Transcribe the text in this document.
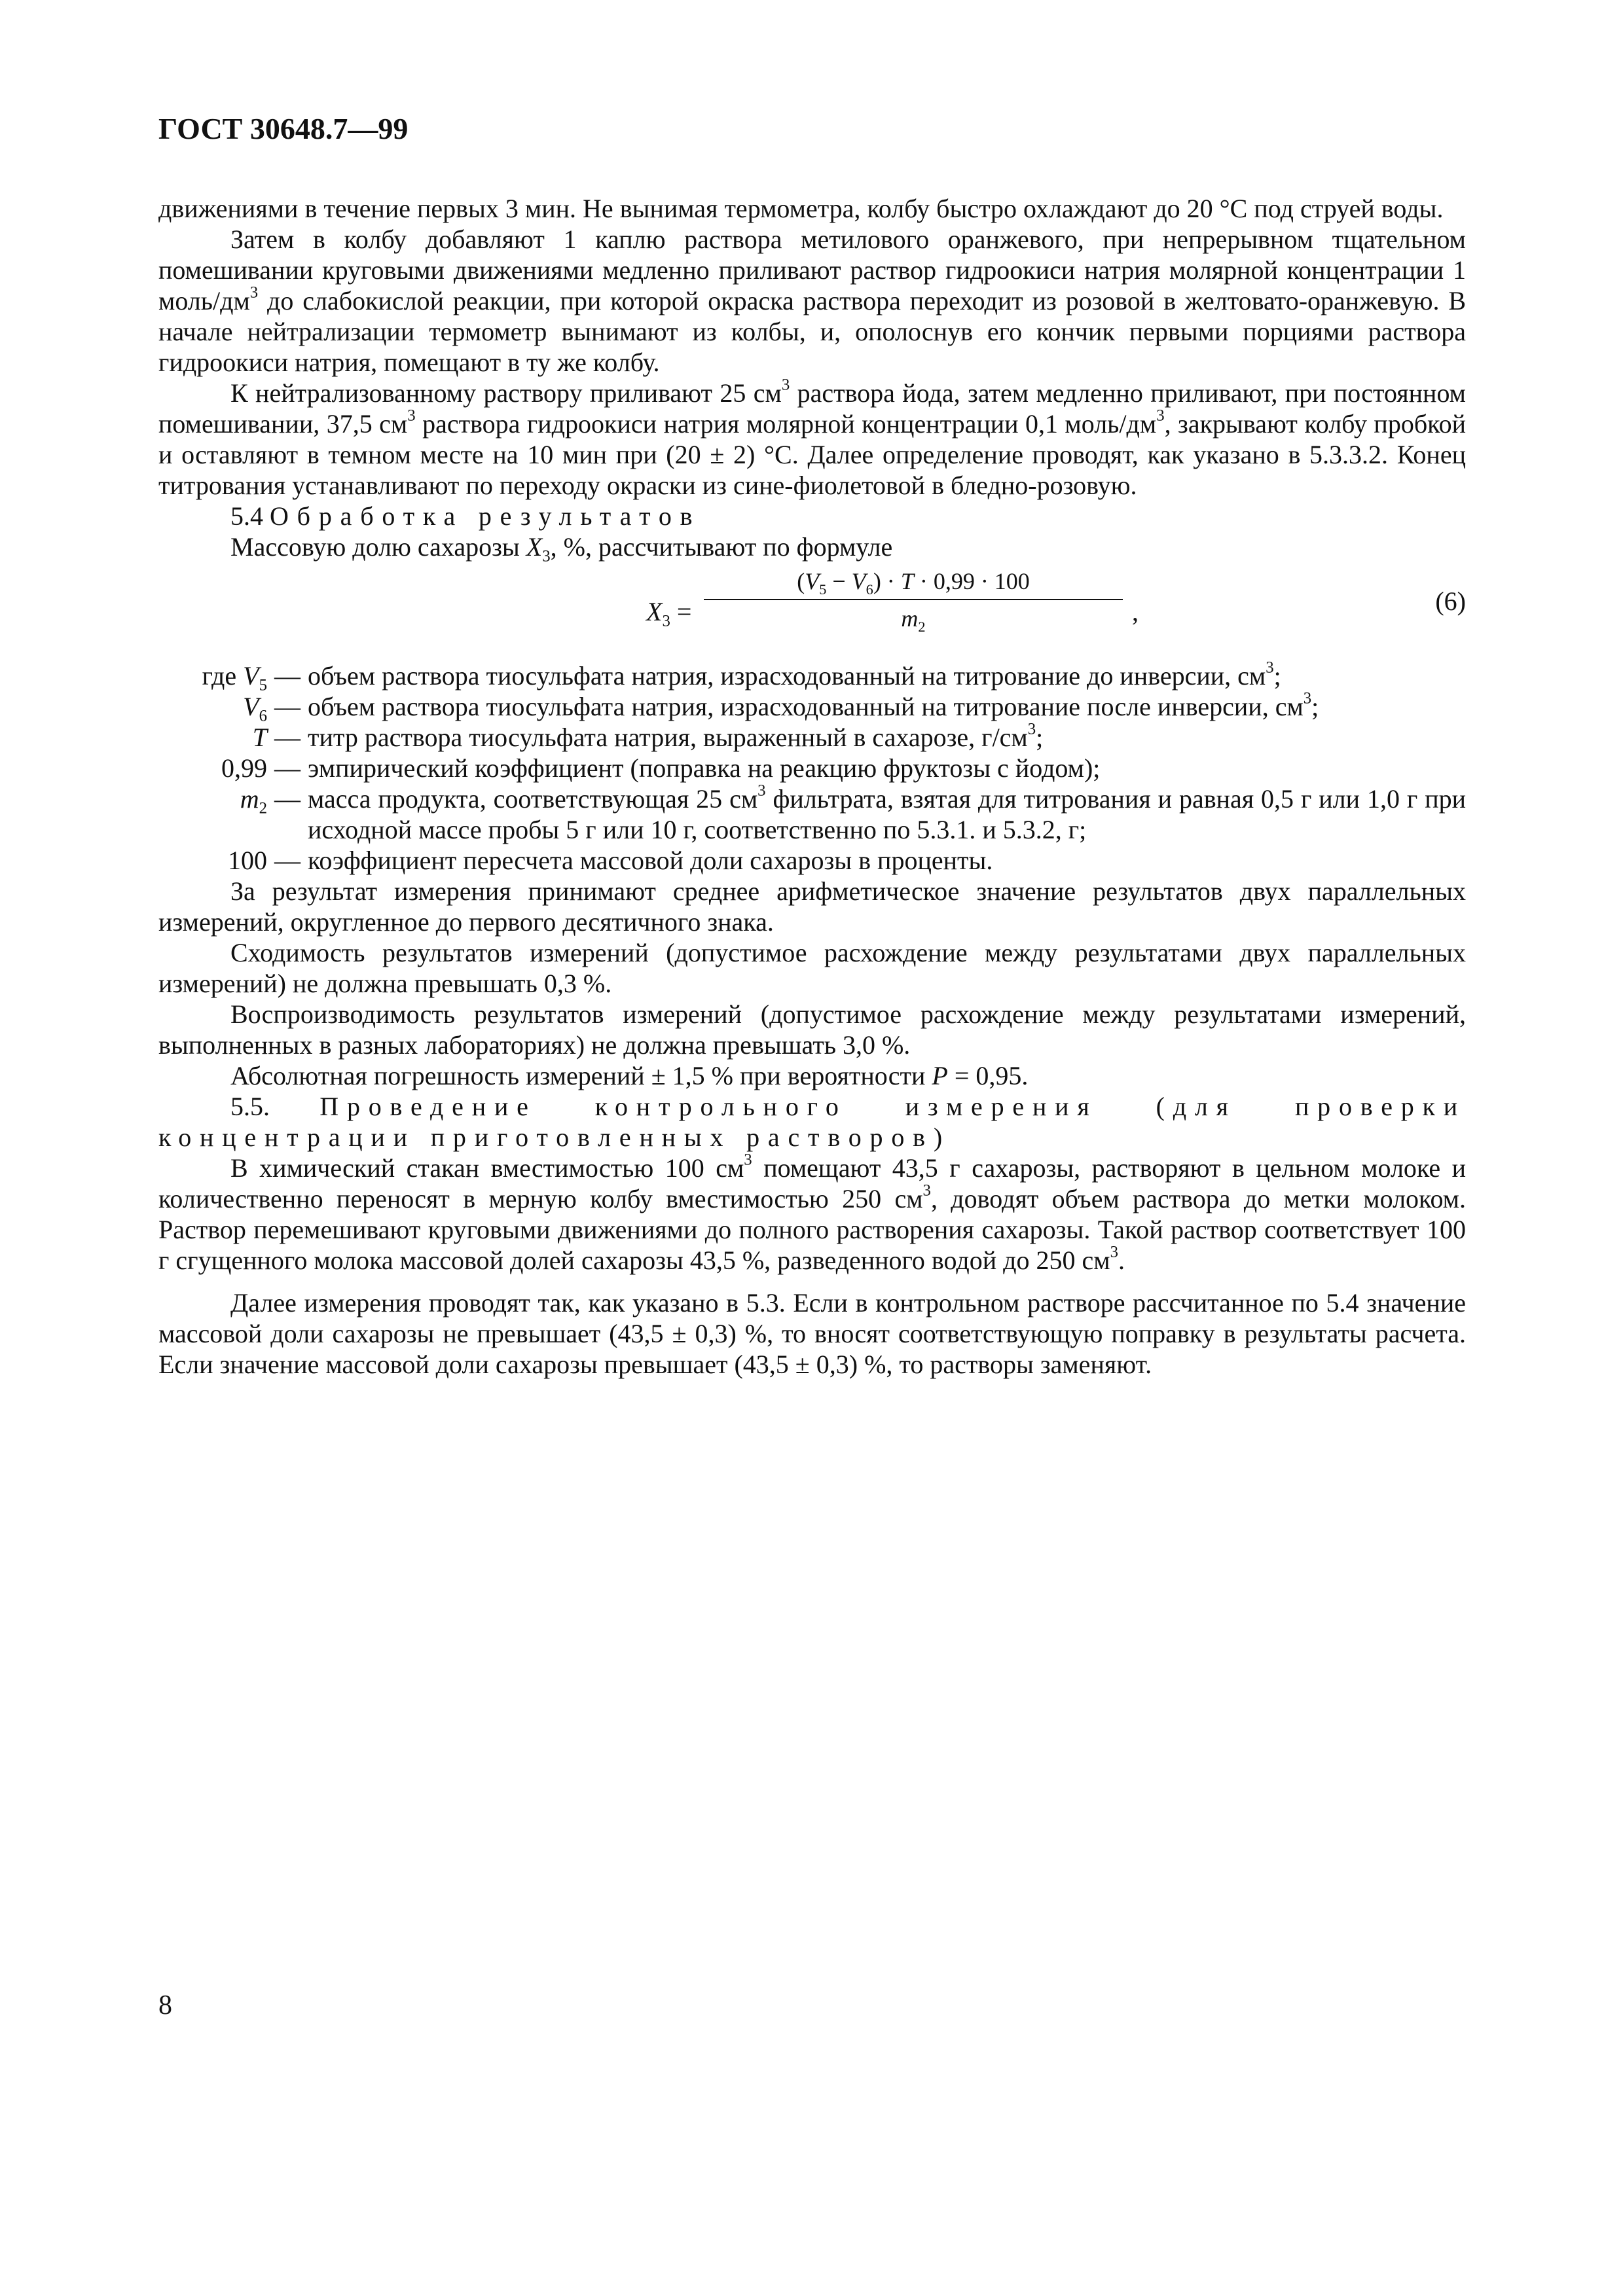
ГОСТ 30648.7—99

движениями в течение первых 3 мин. Не вынимая термометра, колбу быстро охлаждают до 20 °С под струей воды.

Затем в колбу добавляют 1 каплю раствора метилового оранжевого, при непрерывном тщательном помешивании круговыми движениями медленно приливают раствор гидроокиси натрия молярной концентрации 1 моль/$дм^3$ до слабокислой реакции, при которой окраска раствора переходит из розовой в желтовато-оранжевую. В начале нейтрализации термометр вынимают из колбы, и, ополоснув его кончик первыми порциями раствора гидроокиси натрия, помещают в ту же колбу.

К нейтрализованному раствору приливают 25 $см^3$ раствора йода, затем медленно приливают, при постоянном помешивании, 37,5 $см^3$ раствора гидроокиси натрия молярной концентрации 0,1 моль/$дм^3$, закрывают колбу пробкой и оставляют в темном месте на 10 мин при (20 ± 2) °С. Далее определение проводят, как указано в 5.3.3.2. Конец титрования устанавливают по переходу окраски из сине-фиолетовой в бледно-розовую.

5.4 Обработка результатов

Массовую долю сахарозы $X_3$, %, рассчитывают по формуле

$X_3 = \frac{(V_5 - V_6) \cdot T \cdot 0,99 \cdot 100}{m_2}$ ,	(6)
где $V_5$ — объем раствора тиосульфата натрия, израсходованный на титрование до инверсии, $см^3$;
$V_6$ — объем раствора тиосульфата натрия, израсходованный на титрование после инверсии, $см^3$;
T — титр раствора тиосульфата натрия, выраженный в сахарозе, $г/см^3$;
0,99 — эмпирический коэффициент (поправка на реакцию фруктозы с йодом);
$m_2$ — масса продукта, соответствующая 25 $см^3$ фильтрата, взятая для титрования и равная 0,5 г или 1,0 г при исходной массе пробы 5 г или 10 г, соответственно по 5.3.1. и 5.3.2, г;
100 — коэффициент пересчета массовой доли сахарозы в проценты.

За результат измерения принимают среднее арифметическое значение результатов двух параллельных измерений, округленное до первого десятичного знака.

Сходимость результатов измерений (допустимое расхождение между результатами двух параллельных измерений) не должна превышать 0,3 %.

Воспроизводимость результатов измерений (допустимое расхождение между результатами измерений, выполненных в разных лабораториях) не должна превышать 3,0 %.

Абсолютная погрешность измерений ± 1,5 % при вероятности P = 0,95.

5.5. Проведение контрольного измерения (для проверки концентрации приготовленных растворов)

В химический стакан вместимостью 100 $см^3$ помещают 43,5 г сахарозы, растворяют в цельном молоке и количественно переносят в мерную колбу вместимостью 250 $см^3$, доводят объем раствора до метки молоком. Раствор перемешивают круговыми движениями до полного растворения сахарозы. Такой раствор соответствует 100 г сгущенного молока массовой долей сахарозы 43,5 %, разведенного водой до 250 $см^3$.

Далее измерения проводят так, как указано в 5.3. Если в контрольном растворе рассчитанное по 5.4 значение массовой доли сахарозы не превышает (43,5 ± 0,3) %, то вносят соответствующую поправку в результаты расчета. Если значение массовой доли сахарозы превышает (43,5 ± 0,3) %, то растворы заменяют.

8
